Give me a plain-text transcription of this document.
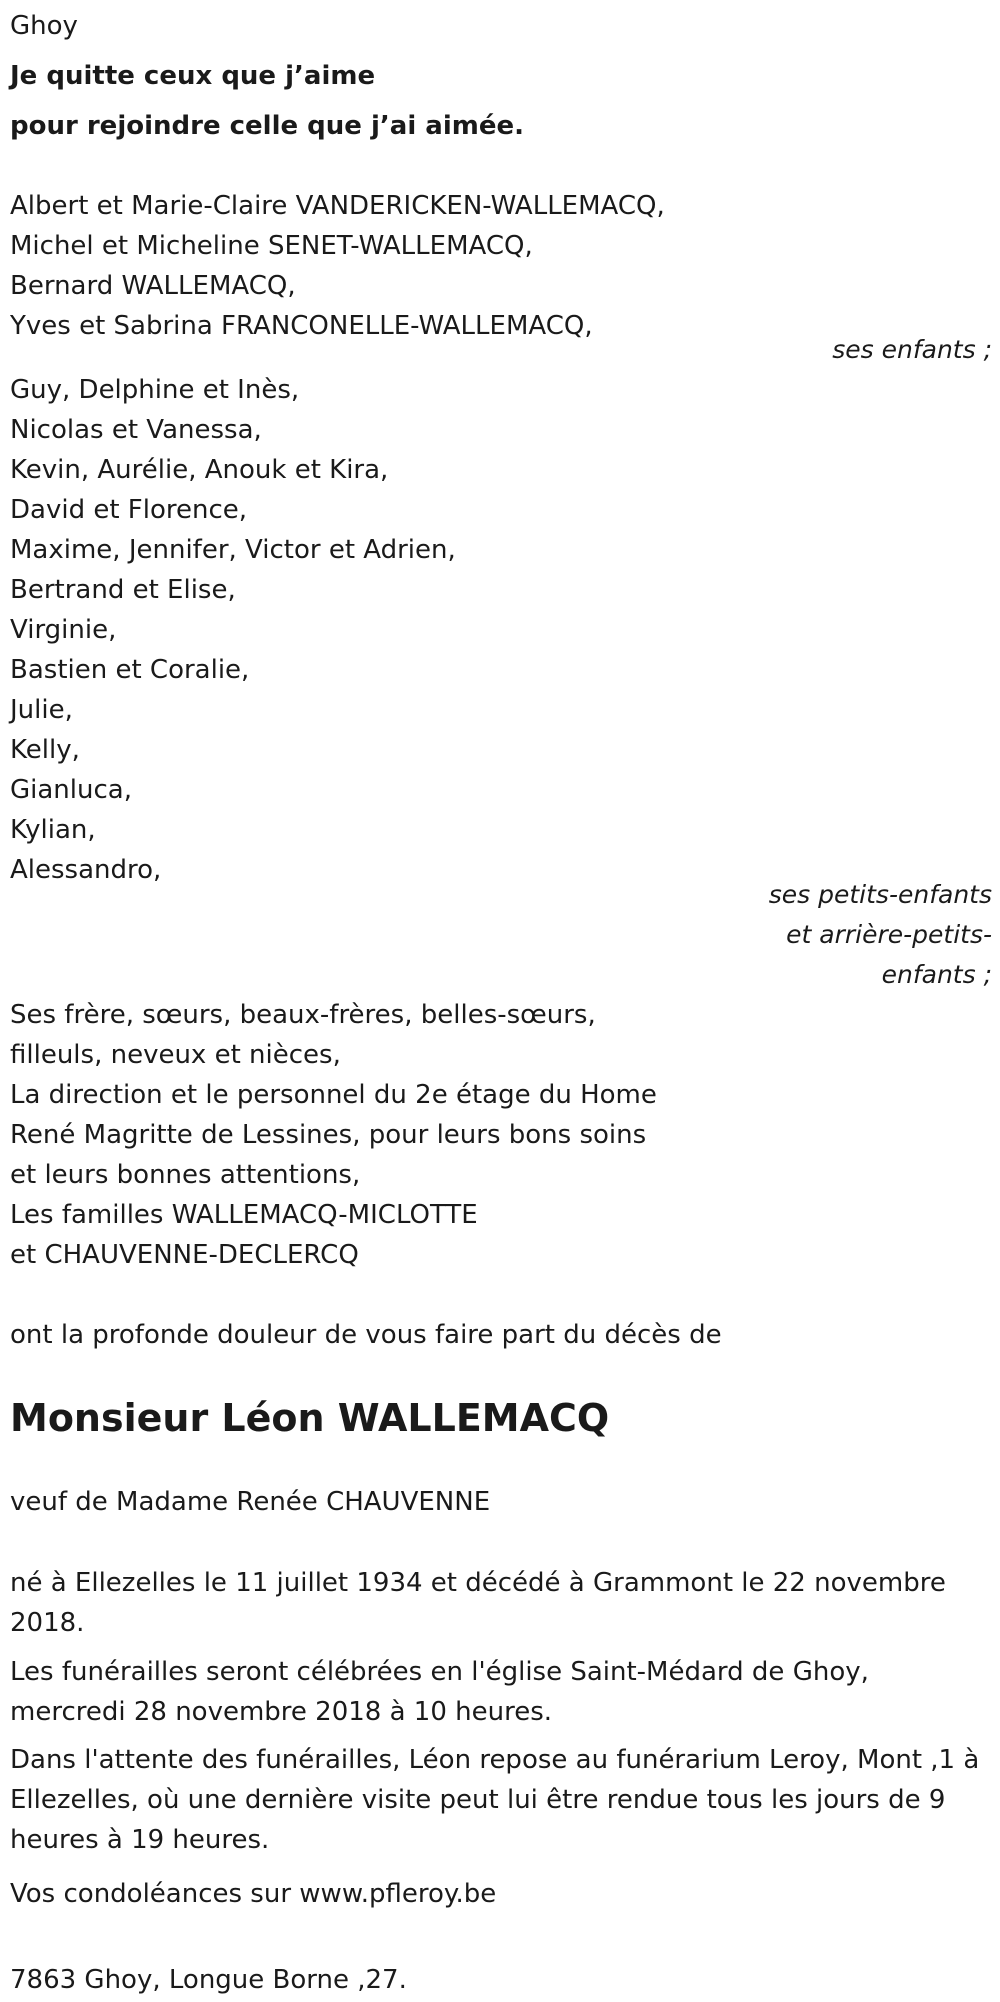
Ghoy
Je quitte ceux que j’aime
pour rejoindre celle que j’ai aimée.
Albert et Marie-Claire VANDERICKEN-WALLEMACQ,
Michel et Micheline SENET-WALLEMACQ,
Bernard WALLEMACQ,
Yves et Sabrina FRANCONELLE-WALLEMACQ,
ses enfants ;
Guy, Delphine et Inès,
Nicolas et Vanessa,
Kevin, Aurélie, Anouk et Kira,
David et Florence,
Maxime, Jennifer, Victor et Adrien,
Bertrand et Elise,
Virginie,
Bastien et Coralie,
Julie,
Kelly,
Gianluca,
Kylian,
Alessandro,
ses petits-enfants
et arrière-petits-
enfants ;
Ses frère, sœurs, beaux-frères, belles-sœurs,
filleuls, neveux et nièces,
La direction et le personnel du 2e étage du Home
René Magritte de Lessines, pour leurs bons soins
et leurs bonnes attentions,
Les familles WALLEMACQ-MICLOTTE
et CHAUVENNE-DECLERCQ
ont la profonde douleur de vous faire part du décès de
Monsieur Léon WALLEMACQ
veuf de Madame Renée CHAUVENNE
né à Ellezelles le 11 juillet 1934 et décédé à Grammont le 22 novembre 2018.
Les funérailles seront célébrées en l'église Saint-Médard de Ghoy, mercredi 28 novembre 2018 à 10 heures.
Dans l'attente des funérailles, Léon repose au funérarium Leroy, Mont ,1 à Ellezelles, où une dernière visite peut lui être rendue tous les jours de 9 heures à 19 heures.
Vos condoléances sur www.pfleroy.be
7863 Ghoy, Longue Borne ,27.
